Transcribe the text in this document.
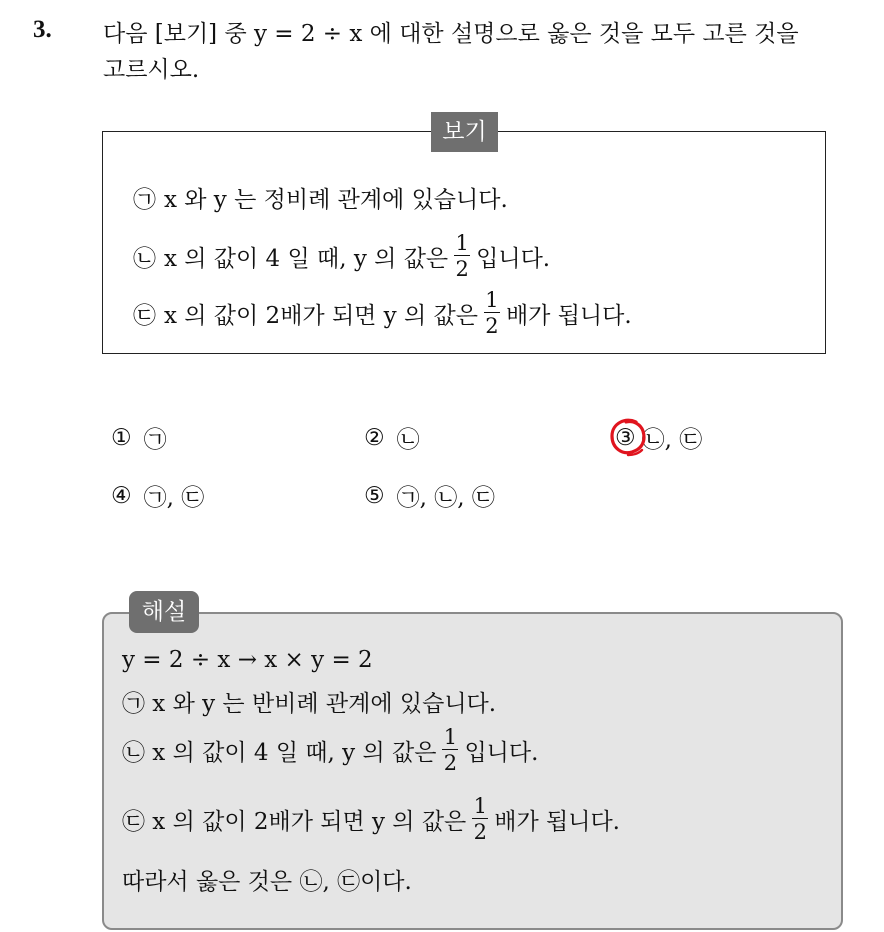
3. 다음 [보기] 중 y = 2 ÷ x 에 대한 설명으로 옳은 것을 모두 고른 것을
고르시오.

보기
㉠ x 와 y 는 정비례 관계에 있습니다.
㉡ x 의 값이 4 일 때, y 의 값은 $\frac{1}{2}$ 입니다.
㉢ x 의 값이 2배가 되면 y 의 값은 $\frac{1}{2}$ 배가 됩니다.
① ㉠	② ㉡	③ ㉡, ㉢
④ ㉠, ㉢	⑤ ㉠, ㉡, ㉢
해설
y = 2 ÷ x → x × y = 2
㉠ x 와 y 는 반비례 관계에 있습니다.
㉡ x 의 값이 4 일 때, y 의 값은 $\frac{1}{2}$ 입니다.
㉢ x 의 값이 2배가 되면 y 의 값은 $\frac{1}{2}$ 배가 됩니다.
따라서 옳은 것은 ㉡, ㉢이다.
